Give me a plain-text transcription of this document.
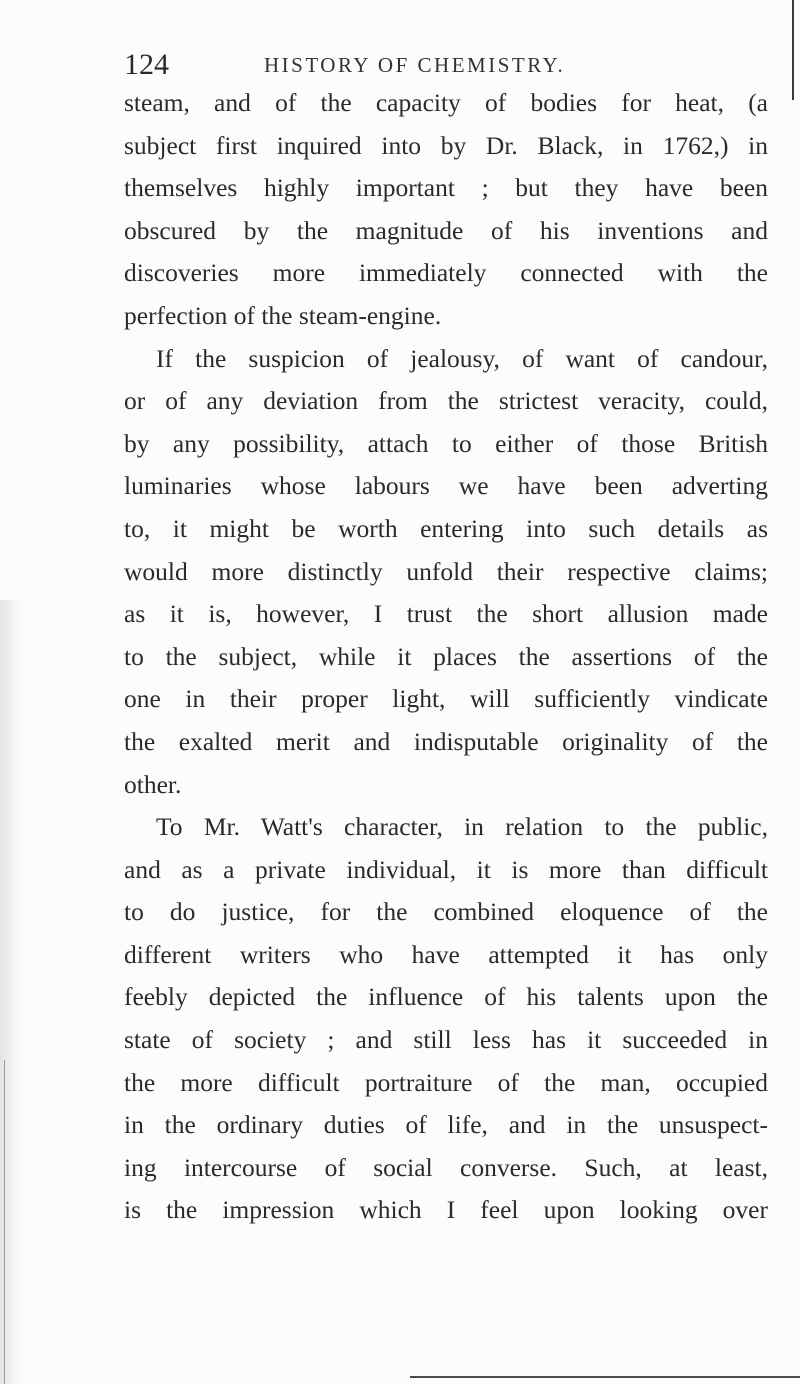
124	HISTORY OF CHEMISTRY.
steam, and of the capacity of bodies for heat, (a
subject first inquired into by Dr. Black, in 1762,) in
themselves highly important ; but they have been
obscured by the magnitude of his inventions and
discoveries more immediately connected with the
perfection of the steam-engine.
If the suspicion of jealousy, of want of candour,
or of any deviation from the strictest veracity, could,
by any possibility, attach to either of those British
luminaries whose labours we have been adverting
to, it might be worth entering into such details as
would more distinctly unfold their respective claims;
as it is, however, I trust the short allusion made
to the subject, while it places the assertions of the
one in their proper light, will sufficiently vindicate
the exalted merit and indisputable originality of the
other.
To Mr. Watt's character, in relation to the public,
and as a private individual, it is more than difficult
to do justice, for the combined eloquence of the
different writers who have attempted it has only
feebly depicted the influence of his talents upon the
state of society ; and still less has it succeeded in
the more difficult portraiture of the man, occupied
in the ordinary duties of life, and in the unsuspect-
ing intercourse of social converse. Such, at least,
is the impression which I feel upon looking over
